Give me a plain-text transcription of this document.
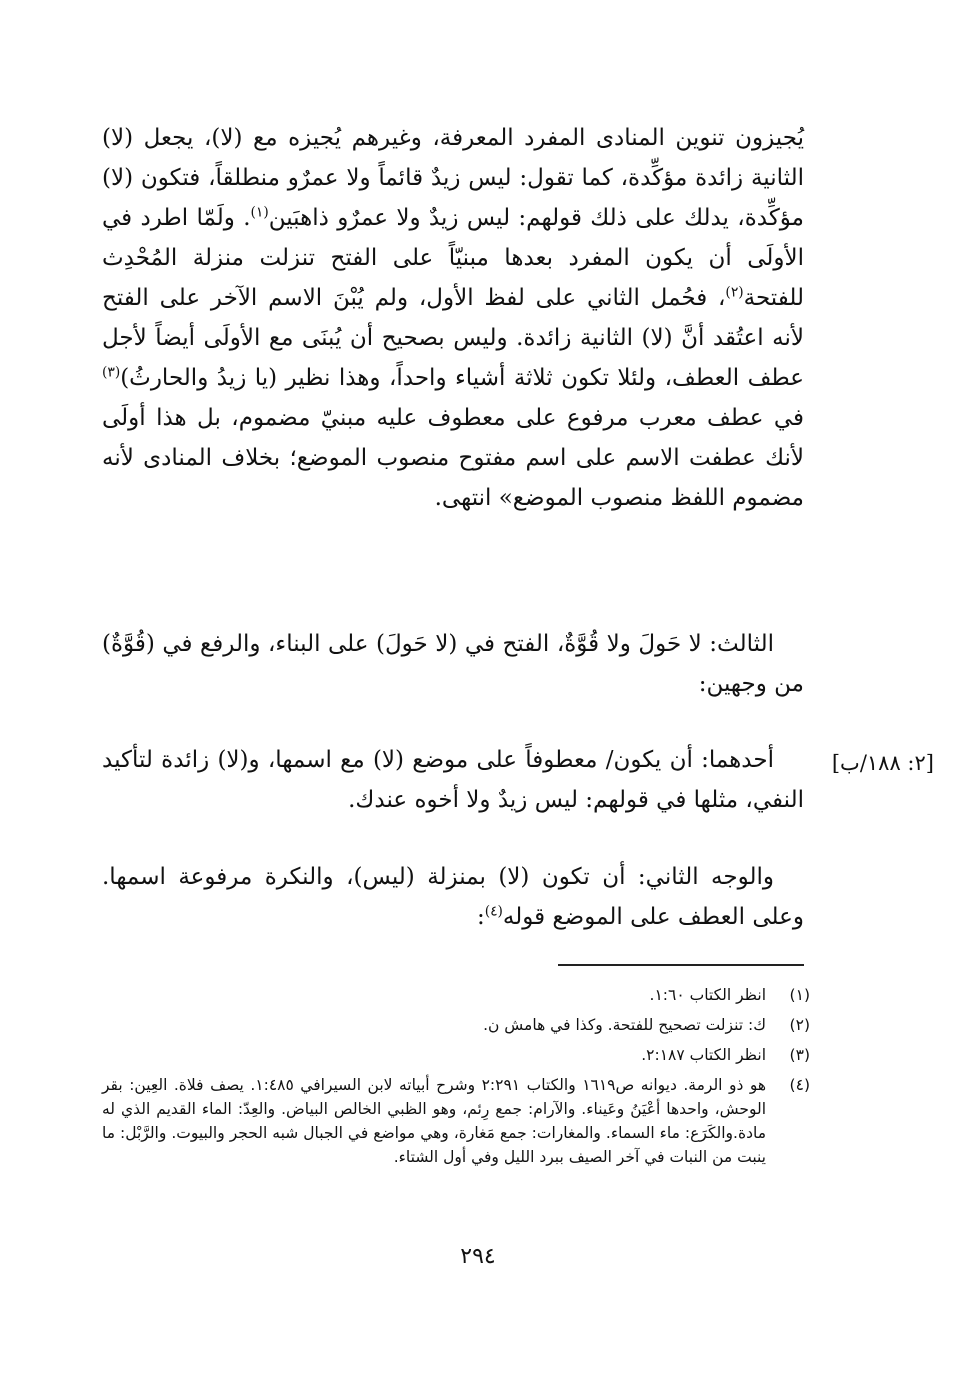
يُجيزون تنوين المنادى المفرد المعرفة، وغيرهم يُجيزه مع (لا)، يجعل (لا) الثانية زائدة مؤكِّدة، كما تقول: ليس زيدٌ قائماً ولا عمرٌو منطلقاً، فتكون (لا) مؤكِّدة، يدلك على ذلك قولهم: ليس زيدٌ ولا عمرٌو ذاهبَين$^{(١)}$. ولَمّا اطرد في الأولَى أن يكون المفرد بعدها مبنيّاً على الفتح تنزلت منزلة المُحْدِث للفتحة$^{(٢)}$، فحُمل الثاني على لفظ الأول، ولم يُبْنَ الاسم الآخر على الفتح لأنه اعتُقد أنَّ (لا) الثانية زائدة. وليس بصحيح أن يُبنَى مع الأولَى أيضاً لأجل عطف العطف، ولئلا تكون ثلاثة أشياء واحداً، وهذا نظير (يا زيدُ والحارثُ)$^{(٣)}$ في عطف معرب مرفوع على معطوف عليه مبنيّ مضموم، بل هذا أولَى لأنك عطفت الاسم على اسم مفتوح منصوب الموضع؛ بخلاف المنادى لأنه مضموم اللفظ منصوب الموضع» انتهى.

الثالث: لا حَولَ ولا قُوَّةٌ، الفتح في (لا حَولَ) على البناء، والرفع في (قُوَّةٌ) من وجهين:

أحدهما: أن يكون/ معطوفاً على موضع (لا) مع اسمها، و(لا) زائدة لتأكيد النفي، مثلها في قولهم: ليس زيدٌ ولا أخوه عندك.

[٢: ١٨٨/ب]

والوجه الثاني: أن تكون (لا) بمنزلة (ليس)، والنكرة مرفوعة اسمها. وعلى العطف على الموضع قوله$^{(٤)}$:

(١)
انظر الكتاب ١:٦٠.
(٢)
ك: تنزلت تصحيح للفتحة. وكذا في هامش ن.
(٣)
انظر الكتاب ٢:١٨٧.
(٤)
هو ذو الرمة. ديوانه ص١٦١٩ والكتاب ٢:٢٩١ وشرح أبياته لابن السيرافي ١:٤٨٥. يصف فلاة. العِين: بقر الوحش، واحدها أعْيَنُ وعَيناء. والآرام: جمع رِئم، وهو الظبي الخالص البياض. والعِدّ: الماء القديم الذي له مادة.والكَرَع: ماء السماء. والمغارات: جمع مَغارة، وهي مواضع في الجبال شبه الحجر والبيوت. والرَّبْل: ما ينبت من النبات في آخر الصيف ببرد الليل وفي أول الشتاء.
٢٩٤
